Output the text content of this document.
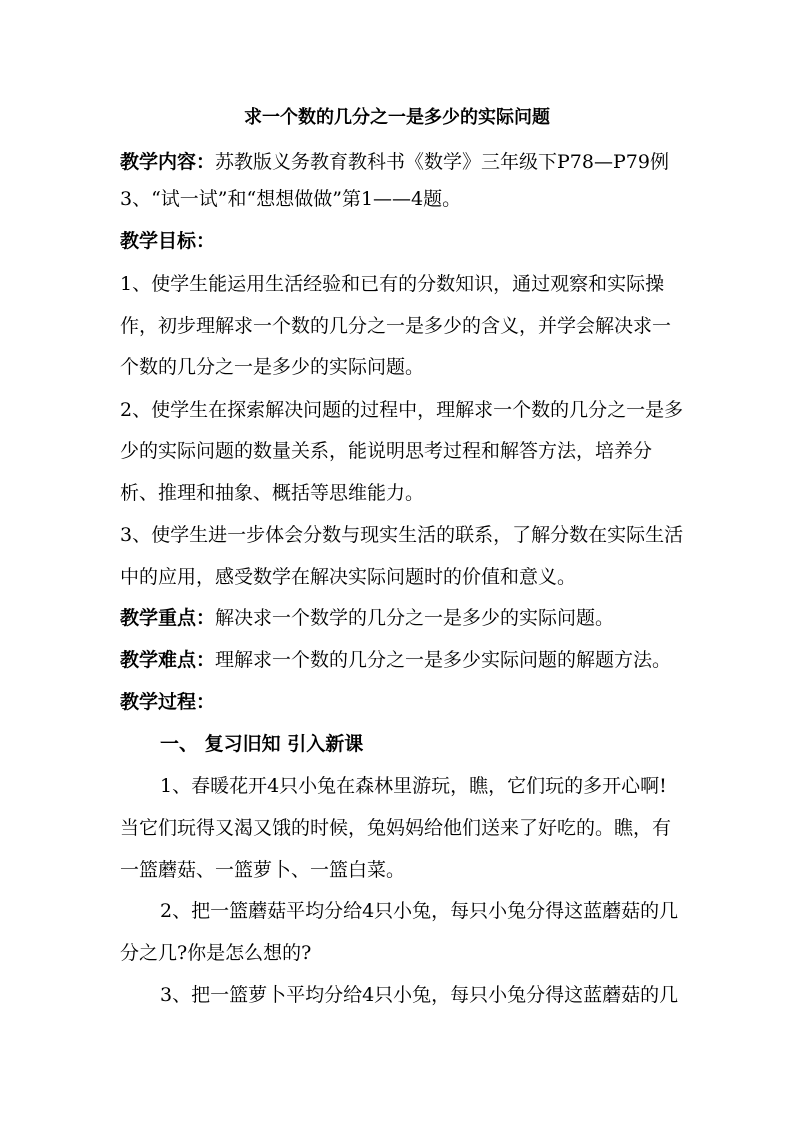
求一个数的几分之一是多少的实际问题
教学内容：苏教版义务教育教科书《数学》三年级下P78—P79例
3、“试一试”和“想想做做”第1——4题。
教学目标：
1、使学生能运用生活经验和已有的分数知识，通过观察和实际操
作，初步理解求一个数的几分之一是多少的含义，并学会解决求一
个数的几分之一是多少的实际问题。
2、使学生在探索解决问题的过程中，理解求一个数的几分之一是多
少的实际问题的数量关系，能说明思考过程和解答方法，培养分
析、推理和抽象、概括等思维能力。
3、使学生进一步体会分数与现实生活的联系，了解分数在实际生活
中的应用，感受数学在解决实际问题时的价值和意义。
教学重点：解决求一个数学的几分之一是多少的实际问题。
教学难点：理解求一个数的几分之一是多少实际问题的解题方法。
教学过程：
一、 复习旧知 引入新课
1、春暖花开4只小兔在森林里游玩，瞧，它们玩的多开心啊!
当它们玩得又渴又饿的时候，兔妈妈给他们送来了好吃的。瞧，有
一篮蘑菇、一篮萝卜、一篮白菜。
2、把一篮蘑菇平均分给4只小兔，每只小兔分得这蓝蘑菇的几
分之几?你是怎么想的?
3、把一篮萝卜平均分给4只小兔，每只小兔分得这蓝蘑菇的几
